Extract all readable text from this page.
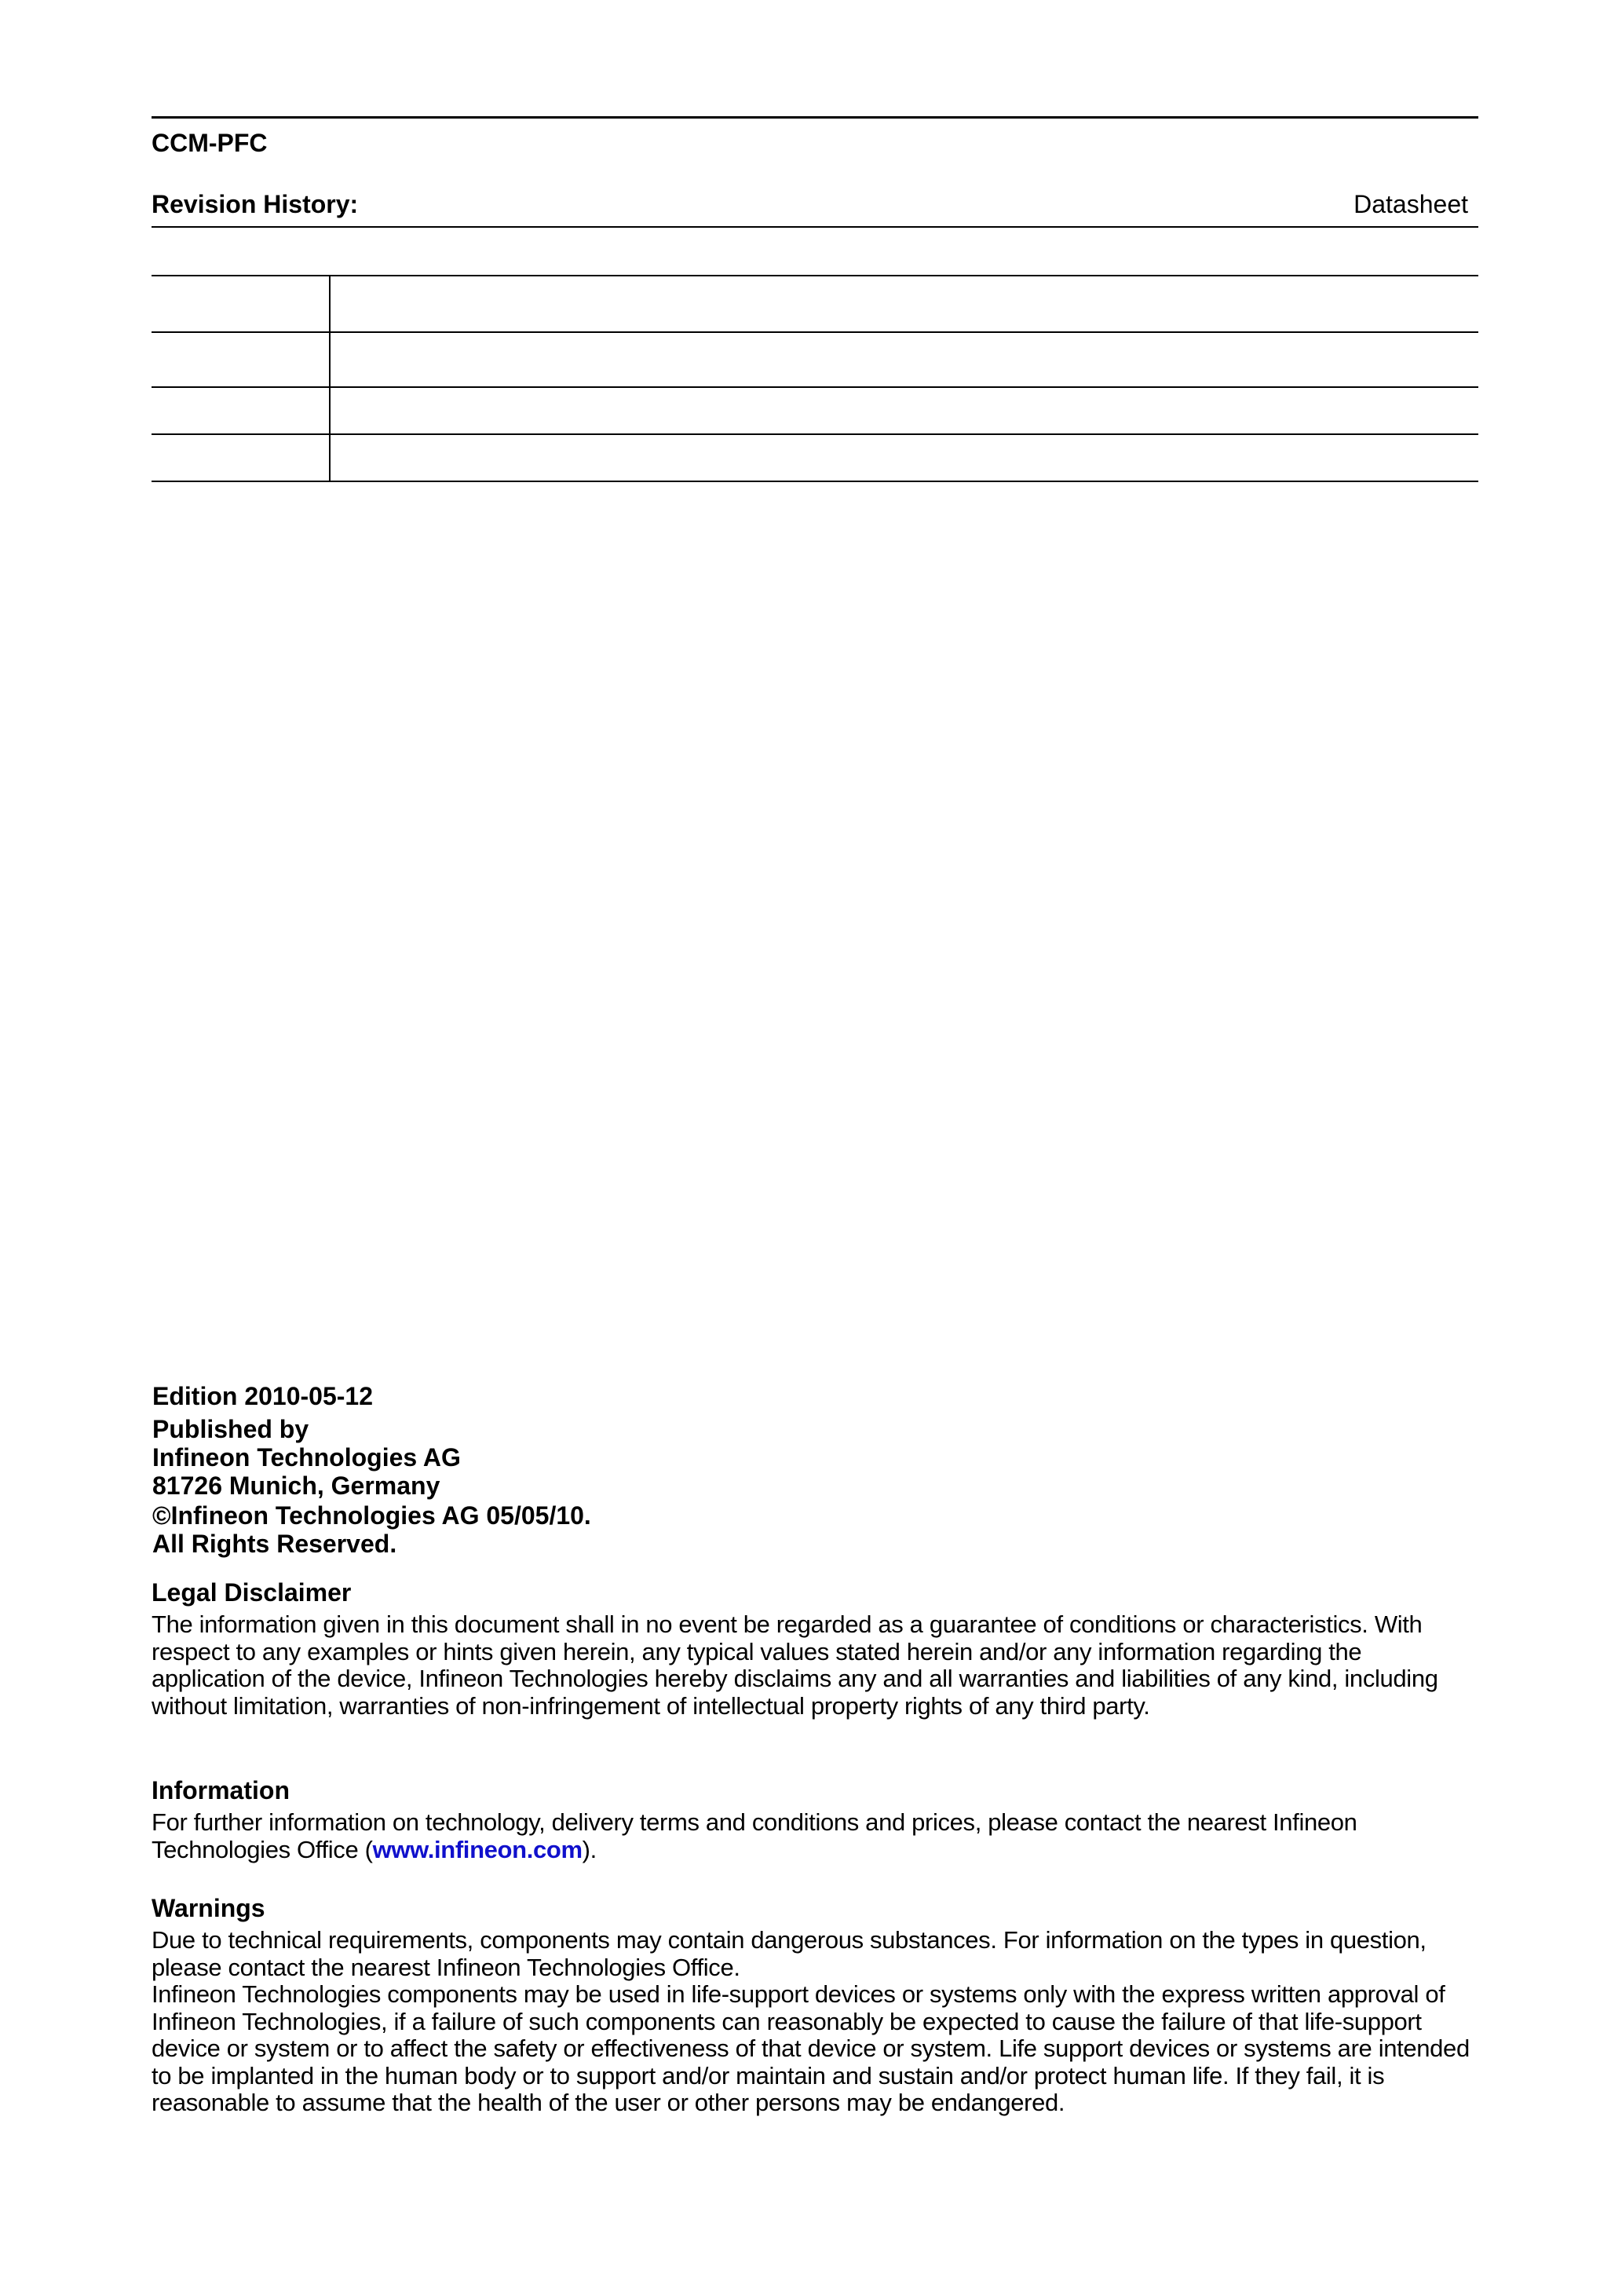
CCM-PFC
Revision History:	Datasheet

Edition 2010-05-12
Published by
Infineon Technologies AG
81726 Munich, Germany
©Infineon Technologies AG 05/05/10.
All Rights Reserved.
Legal Disclaimer

The information given in this document shall in no event be regarded as a guarantee of conditions or characteristics. With respect to any examples or hints given herein, any typical values stated herein and/or any information regarding the application of the device, Infineon Technologies hereby disclaims any and all warranties and liabilities of any kind, including without limitation, warranties of non-infringement of intellectual property rights of any third party.

Information

For further information on technology, delivery terms and conditions and prices, please contact the nearest Infineon Technologies Office (www.infineon.com).

Warnings

Due to technical requirements, components may contain dangerous substances. For information on the types in question, please contact the nearest Infineon Technologies Office.

Infineon Technologies components may be used in life-support devices or systems only with the express written approval of Infineon Technologies, if a failure of such components can reasonably be expected to cause the failure of that life-support device or system or to affect the safety or effectiveness of that device or system. Life support devices or systems are intended to be implanted in the human body or to support and/or maintain and sustain and/or protect human life. If they fail, it is reasonable to assume that the health of the user or other persons may be endangered.
